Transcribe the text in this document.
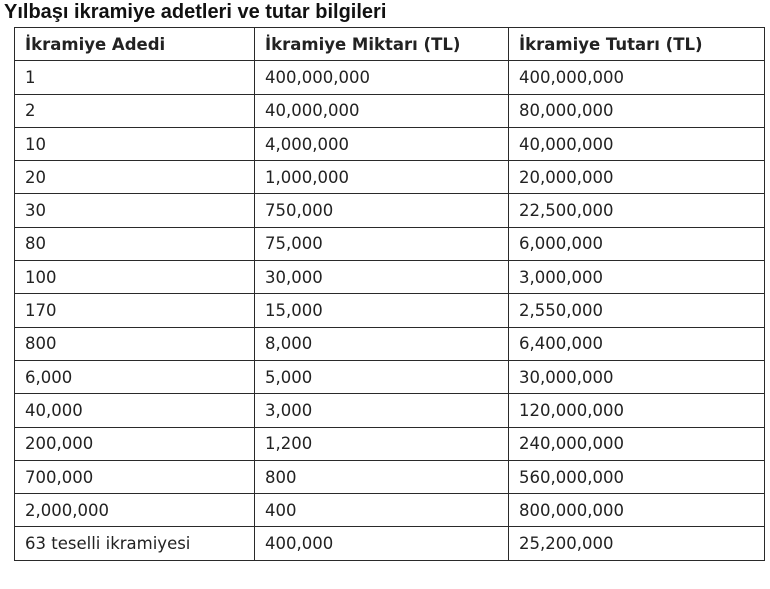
Yılbaşı ikramiye adetleri ve tutar bilgileri
İkramiye Adedi	İkramiye Miktarı (TL)	İkramiye Tutarı (TL)
1	400,000,000	400,000,000
2	40,000,000	80,000,000
10	4,000,000	40,000,000
20	1,000,000	20,000,000
30	750,000	22,500,000
80	75,000	6,000,000
100	30,000	3,000,000
170	15,000	2,550,000
800	8,000	6,400,000
6,000	5,000	30,000,000
40,000	3,000	120,000,000
200,000	1,200	240,000,000
700,000	800	560,000,000
2,000,000	400	800,000,000
63 teselli ikramiyesi	400,000	25,200,000
